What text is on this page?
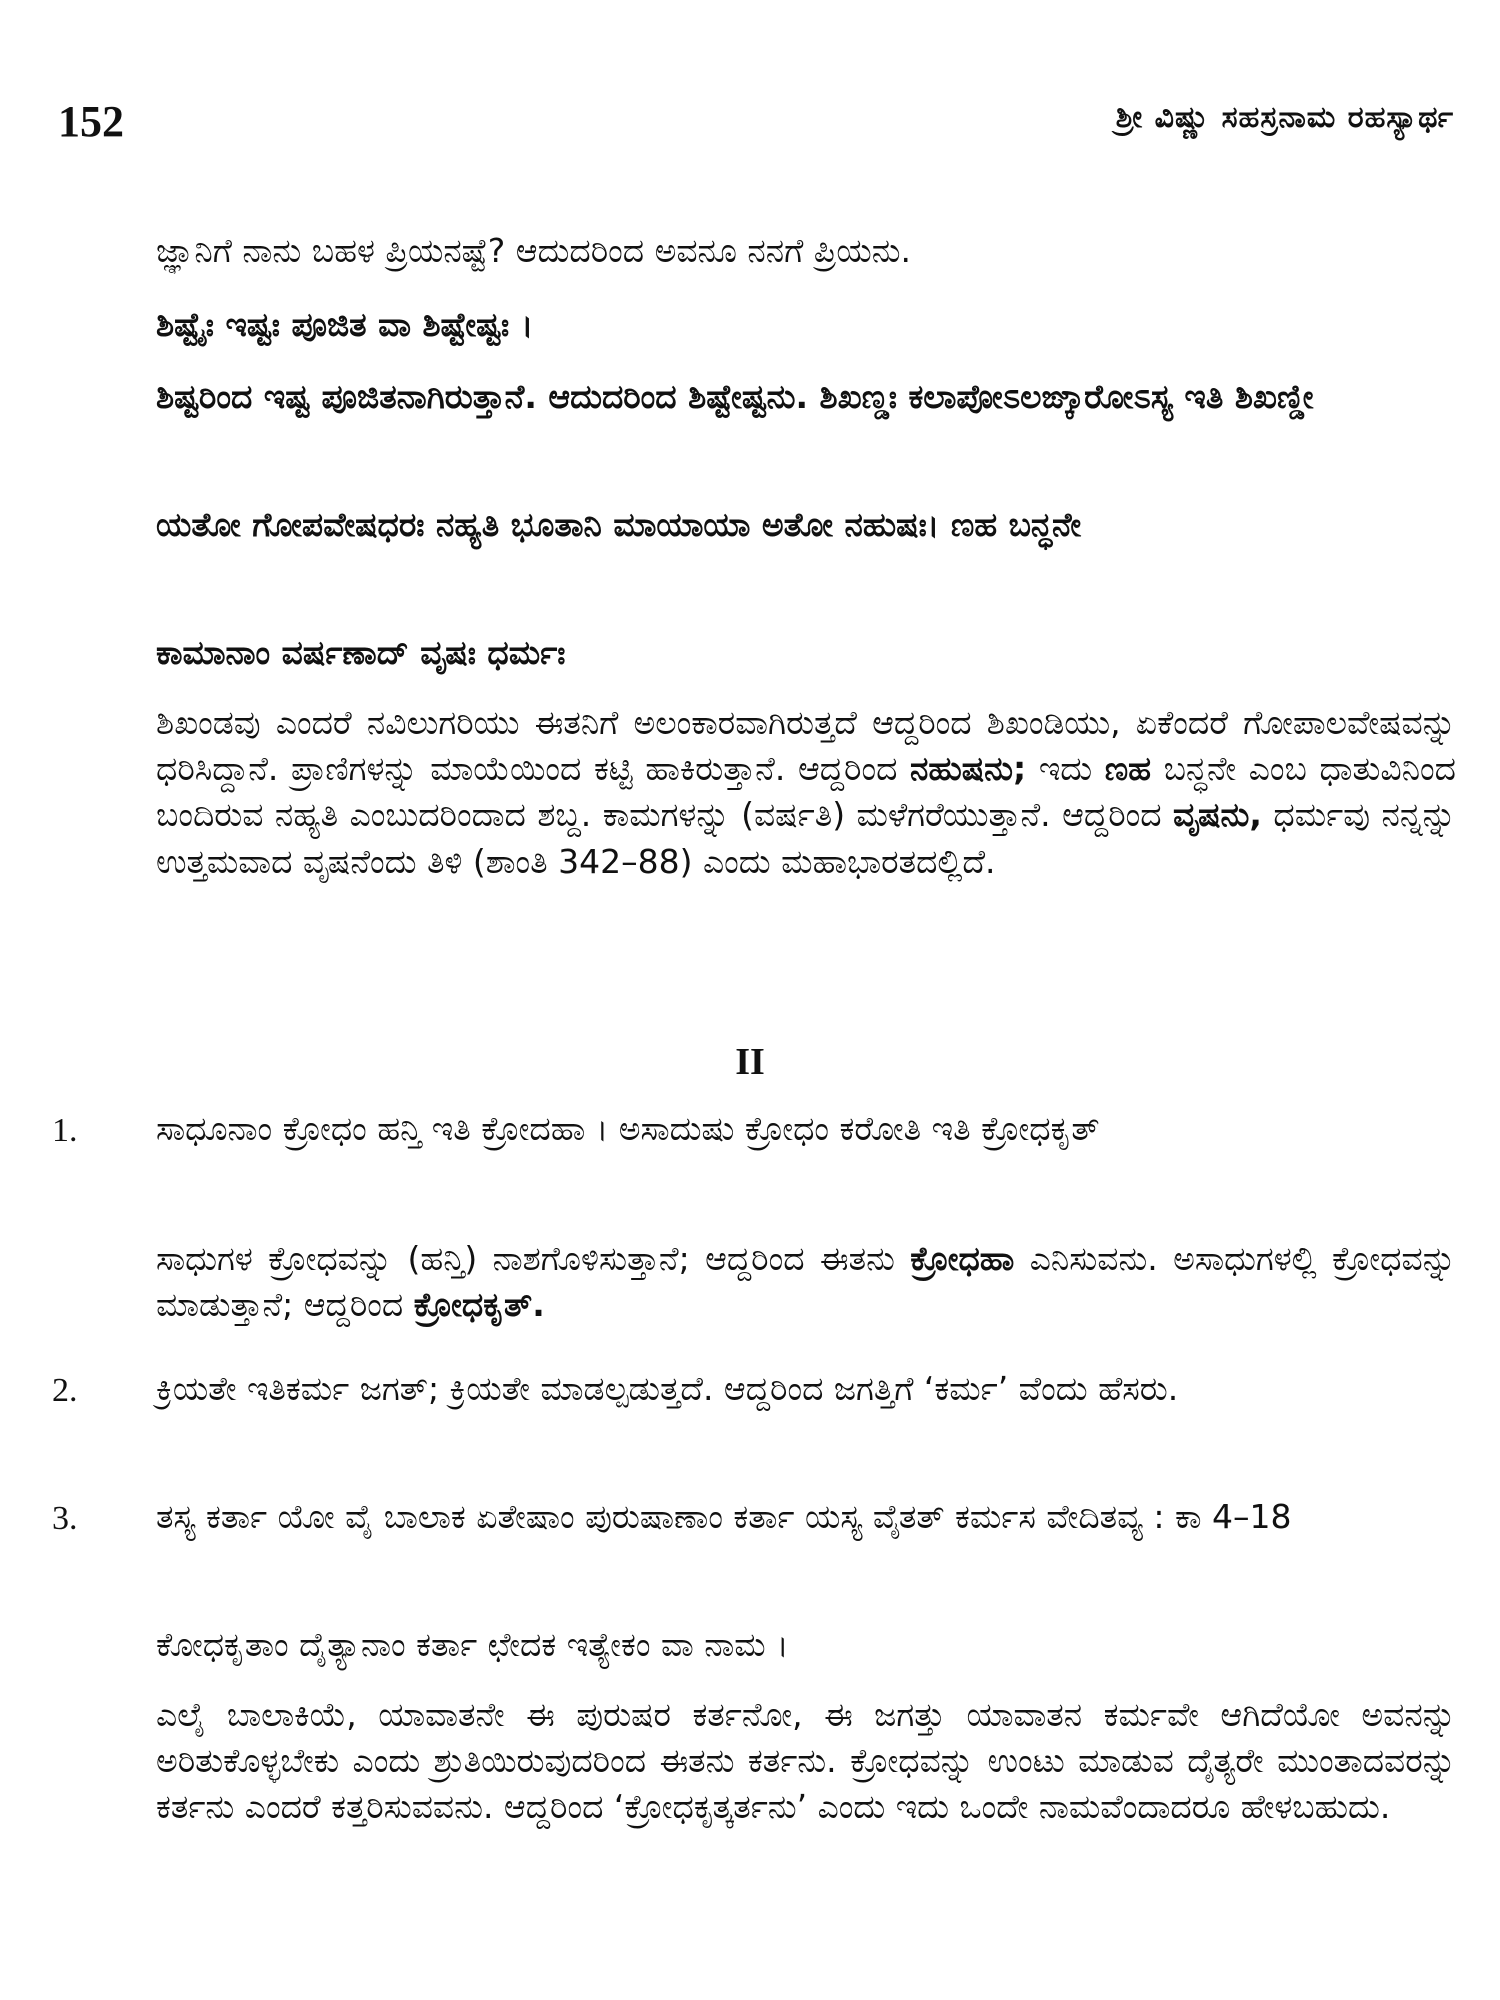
152	ಶ್ರೀ ವಿಷ್ಣು ಸಹಸ್ರನಾಮ ರಹಸ್ಯಾರ್ಥ

ಜ್ಞಾನಿಗೆ ನಾನು ಬಹಳ ಪ್ರಿಯನಷ್ಟೆ? ಆದುದರಿಂದ ಅವನೂ ನನಗೆ ಪ್ರಿಯನು.

ಶಿಷ್ಟೈಃ ಇಷ್ಟಃ ಪೂಜಿತ ವಾ ಶಿಷ್ಟೇಷ್ಟಃ ।

ಶಿಷ್ಟರಿಂದ ಇಷ್ಟ ಪೂಜಿತನಾಗಿರುತ್ತಾನೆ. ಆದುದರಿಂದ ಶಿಷ್ಟೇಷ್ಟನು. ಶಿಖಣ್ಡಃ ಕಲಾಪೋಽಲಙ್ಕಾರೋಽಸ್ಯ ಇತಿ ಶಿಖಣ್ಡೀ

ಯತೋ ಗೋಪವೇಷಧರಃ ನಹ್ಯತಿ ಭೂತಾನಿ ಮಾಯಾಯಾ ಅತೋ ನಹುಷಃ। ಣಹ ಬನ್ಧನೇ

ಕಾಮಾನಾಂ ವರ್ಷಣಾದ್ ವೃಷಃ ಧರ್ಮಃ

ಶಿಖಂಡವು ಎಂದರೆ ನವಿಲುಗರಿಯು ಈತನಿಗೆ ಅಲಂಕಾರವಾಗಿರುತ್ತದೆ ಆದ್ದರಿಂದ ಶಿಖಂಡಿಯು, ಏಕೆಂದರೆ ಗೋಪಾಲವೇಷವನ್ನು ಧರಿಸಿದ್ದಾನೆ. ಪ್ರಾಣಿಗಳನ್ನು ಮಾಯೆಯಿಂದ ಕಟ್ಟಿ ಹಾಕಿರುತ್ತಾನೆ. ಆದ್ದರಿಂದ ನಹುಷನು; ಇದು ಣಹ ಬನ್ಧನೇ ಎಂಬ ಧಾತುವಿನಿಂದ ಬಂದಿರುವ ನಹ್ಯತಿ ಎಂಬುದರಿಂದಾದ ಶಬ್ದ. ಕಾಮಗಳನ್ನು (ವರ್ಷತಿ) ಮಳೆಗರೆಯುತ್ತಾನೆ. ಆದ್ದರಿಂದ ವೃಷನು, ಧರ್ಮವು ನನ್ನನ್ನು ಉತ್ತಮವಾದ ವೃಷನೆಂದು ತಿಳಿ (ಶಾಂತಿ 342–88) ಎಂದು ಮಹಾಭಾರತದಲ್ಲಿದೆ.

II
1. ಸಾಧೂನಾಂ ಕ್ರೋಧಂ ಹನ್ತಿ ಇತಿ ಕ್ರೋದಹಾ । ಅಸಾದುಷು ಕ್ರೋಧಂ ಕರೋತಿ ಇತಿ ಕ್ರೋಧಕೃತ್

ಸಾಧುಗಳ ಕ್ರೋಧವನ್ನು (ಹನ್ತಿ) ನಾಶಗೊಳಿಸುತ್ತಾನೆ; ಆದ್ದರಿಂದ ಈತನು ಕ್ರೋಧಹಾ ಎನಿಸುವನು. ಅಸಾಧುಗಳಲ್ಲಿ ಕ್ರೋಧವನ್ನು ಮಾಡುತ್ತಾನೆ; ಆದ್ದರಿಂದ ಕ್ರೋಧಕೃತ್.

2. ಕ್ರಿಯತೇ ಇತಿಕರ್ಮ ಜಗತ್; ಕ್ರಿಯತೇ ಮಾಡಲ್ಪಡುತ್ತದೆ. ಆದ್ದರಿಂದ ಜಗತ್ತಿಗೆ ‘ಕರ್ಮ’ ವೆಂದು ಹೆಸರು.

3. ತಸ್ಯ ಕರ್ತಾ ಯೋ ವೈ ಬಾಲಾಕ ಏತೇಷಾಂ ಪುರುಷಾಣಾಂ ಕರ್ತಾ ಯಸ್ಯ ವೈತತ್ ಕರ್ಮಸ ವೇದಿತವ್ಯ : ಕಾ 4–18

ಕೋಧಕೃತಾಂ ದೈತ್ಯಾನಾಂ ಕರ್ತಾ ಛೇದಕ ಇತ್ಯೇಕಂ ವಾ ನಾಮ ।

ಎಲೈ ಬಾಲಾಕಿಯೆ, ಯಾವಾತನೇ ಈ ಪುರುಷರ ಕರ್ತನೋ, ಈ ಜಗತ್ತು ಯಾವಾತನ ಕರ್ಮವೇ ಆಗಿದೆಯೋ ಅವನನ್ನು ಅರಿತುಕೊಳ್ಳಬೇಕು ಎಂದು ಶ್ರುತಿಯಿರುವುದರಿಂದ ಈತನು ಕರ್ತನು. ಕ್ರೋಧವನ್ನು ಉಂಟು ಮಾಡುವ ದೈತ್ಯರೇ ಮುಂತಾದವರನ್ನು ಕರ್ತನು ಎಂದರೆ ಕತ್ತರಿಸುವವನು. ಆದ್ದರಿಂದ ‘ಕ್ರೋಧಕೃತ್ಕರ್ತನು’ ಎಂದು ಇದು ಒಂದೇ ನಾಮವೆಂದಾದರೂ ಹೇಳಬಹುದು.
